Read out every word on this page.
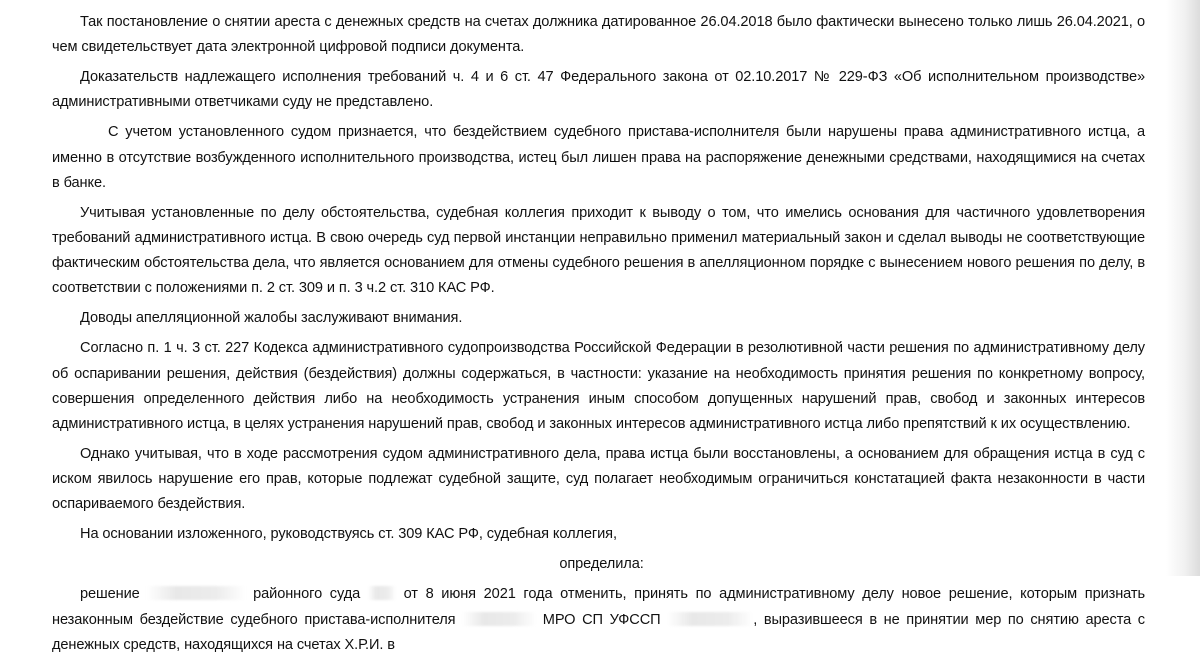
Так постановление о снятии ареста с денежных средств на счетах должника датированное 26.04.2018 было фактически вынесено только лишь 26.04.2021, о чем свидетельствует дата электронной цифровой подписи документа.

Доказательств надлежащего исполнения требований ч. 4 и 6 ст. 47 Федерального закона от 02.10.2017 № 229-ФЗ «Об исполнительном производстве» административными ответчиками суду не представлено.

С учетом установленного судом признается, что бездействием судебного пристава-исполнителя были нарушены права административного истца, а именно в отсутствие возбужденного исполнительного производства, истец был лишен права на распоряжение денежными средствами, находящимися на счетах в банке.

Учитывая установленные по делу обстоятельства, судебная коллегия приходит к выводу о том, что имелись основания для частичного удовлетворения требований административного истца. В свою очередь суд первой инстанции неправильно применил материальный закон и сделал выводы не соответствующие фактическим обстоятельства дела, что является основанием для отмены судебного решения в апелляционном порядке с вынесением нового решения по делу, в соответствии с положениями п. 2 ст. 309 и п. 3 ч.2 ст. 310 КАС РФ.

Доводы апелляционной жалобы заслуживают внимания.

Согласно п. 1 ч. 3 ст. 227 Кодекса административного судопроизводства Российской Федерации в резолютивной части решения по административному делу об оспаривании решения, действия (бездействия) должны содержаться, в частности: указание на необходимость принятия решения по конкретному вопросу, совершения определенного действия либо на необходимость устранения иным способом допущенных нарушений прав, свобод и законных интересов административного истца, в целях устранения нарушений прав, свобод и законных интересов административного истца либо препятствий к их осуществлению.

Однако учитывая, что в ходе рассмотрения судом административного дела, права истца были восстановлены, а основанием для обращения истца в суд с иском явилось нарушение его прав, которые подлежат судебной защите, суд полагает необходимым ограничиться констатацией факта незаконности в части оспариваемого бездействия.

На основании изложенного, руководствуясь ст. 309 КАС РФ, судебная коллегия,

определила:

решение	районного суда	от 8 июня 2021 года отменить, принять по административному делу новое решение, которым признать незаконным бездействие судебного пристава-исполнителя	МРО СП УФССП	, выразившееся в не принятии мер по снятию ареста с денежных средств, находящихся на счетах Х.Р.И. в
